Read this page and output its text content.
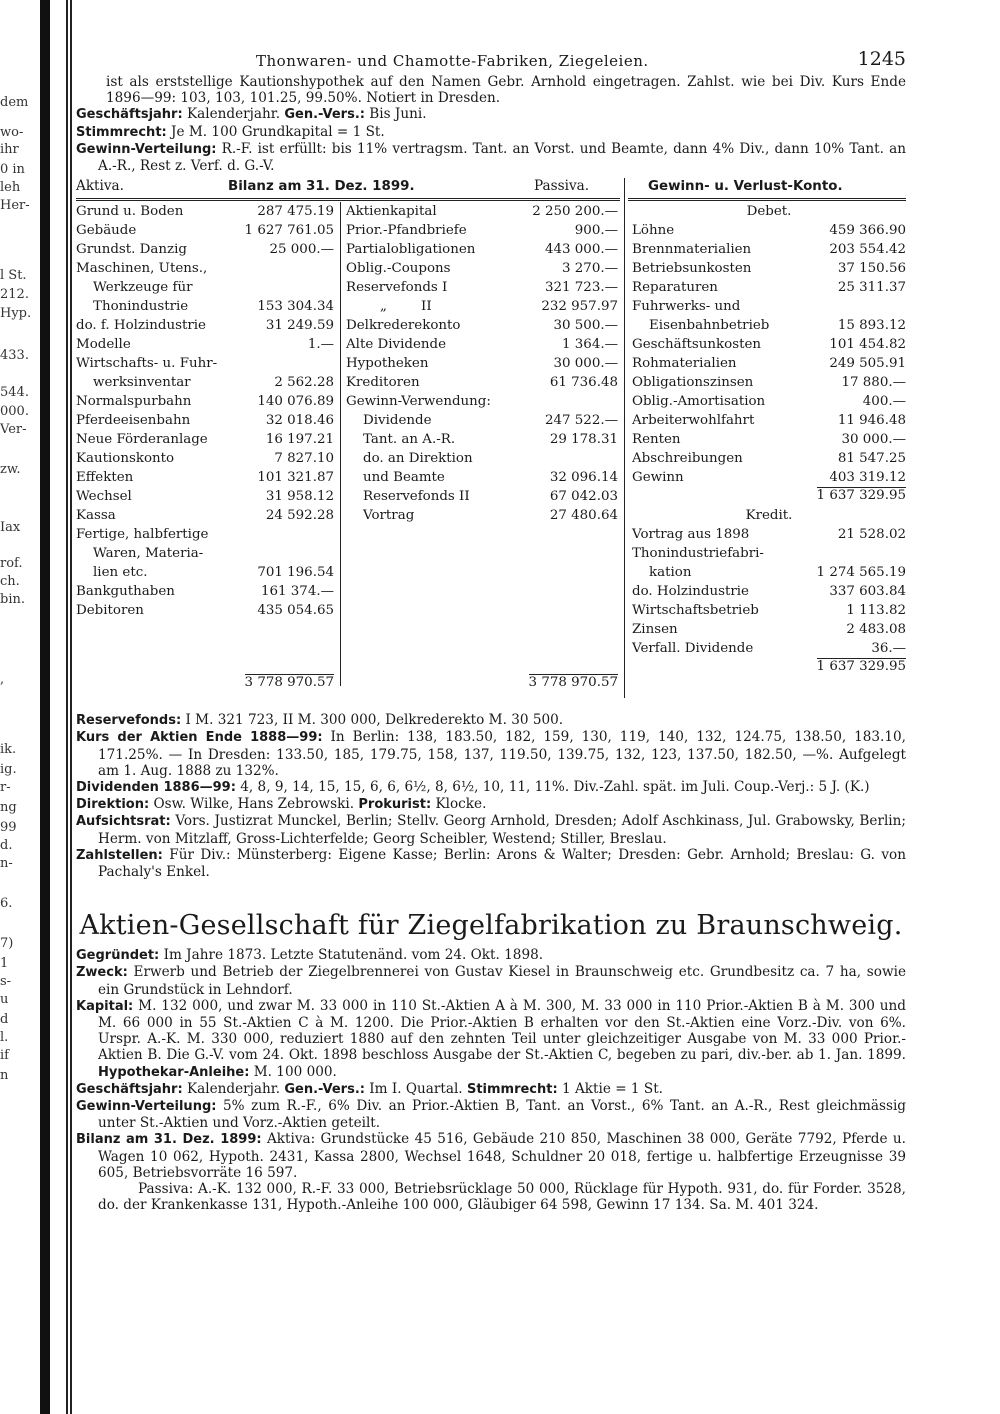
dem
wo-
ihr
0 in
leh
Her-
l St.
212.
Hyp.
433.
544.
000.
Ver-
zw.
Iax
rof.
ch.
bin.
,
ik.
ig.
r-
ng
99
d.
n-
6.
7)
1
s-
u
d
l.
if
n
Thonwaren- und Chamotte-Fabriken, Ziegeleien.	1245

ist als erststellige Kautionshypothek auf den Namen Gebr. Arnhold eingetragen. Zahlst. wie bei Div. Kurs Ende 1896—99: 103, 103, 101.25, 99.50%. Notiert in Dresden.

Geschäftsjahr: Kalenderjahr. Gen.-Vers.: Bis Juni.

Stimmrecht: Je M. 100 Grundkapital = 1 St.

Gewinn-Verteilung: R.-F. ist erfüllt: bis 11% vertragsm. Tant. an Vorst. und Beamte, dann 4% Div., dann 10% Tant. an A.-R., Rest z. Verf. d. G.-V.

Aktiva.	Bilanz am 31. Dez. 1899.	Passiva.	Gewinn- u. Verlust-Konto.
Grund u. Boden	287 475.19
Gebäude	1 627 761.05
Grundst. Danzig	25 000.—
Maschinen, Utens.,
Werkzeuge für
Thonindustrie	153 304.34
do. f. Holzindustrie	31 249.59
Modelle	1.—
Wirtschafts- u. Fuhr-
werksinventar	2 562.28
Normalspurbahn	140 076.89
Pferdeeisenbahn	32 018.46
Neue Förderanlage	16 197.21
Kautionskonto	7 827.10
Effekten	101 321.87
Wechsel	31 958.12
Kassa	24 592.28
Fertige, halbfertige
Waren, Materia-
lien etc.	701 196.54
Bankguthaben	161 374.—
Debitoren	435 054.65
Aktienkapital	2 250 200.—
Prior.-Pfandbriefe	900.—
Partialobligationen	443 000.—
Oblig.-Coupons	3 270.—
Reservefonds I	321 723.—
„        II	232 957.97
Delkrederekonto	30 500.—
Alte Dividende	1 364.—
Hypotheken	30 000.—
Kreditoren	61 736.48
Gewinn-Verwendung:
Dividende	247 522.—
Tant. an A.-R.	29 178.31
do. an Direktion
und Beamte	32 096.14
Reservefonds II	67 042.03
Vortrag	27 480.64
Debet.
Löhne	459 366.90
Brennmaterialien	203 554.42
Betriebsunkosten	37 150.56
Reparaturen	25 311.37
Fuhrwerks- und
Eisenbahnbetrieb	15 893.12
Geschäftsunkosten	101 454.82
Rohmaterialien	249 505.91
Obligationszinsen	17 880.—
Oblig.-Amortisation	400.—
Arbeiterwohlfahrt	11 946.48
Renten	30 000.—
Abschreibungen	81 547.25
Gewinn	403 319.12
1 637 329.95
Kredit.
Vortrag aus 1898	21 528.02
Thonindustriefabri-
kation	1 274 565.19
do. Holzindustrie	337 603.84
Wirtschaftsbetrieb	1 113.82
Zinsen	2 483.08
Verfall. Dividende	36.—
1 637 329.95
3 778 970.57	3 778 970.57

Reservefonds: I M. 321 723, II M. 300 000, Delkrederekto M. 30 500.

Kurs der Aktien Ende 1888—99: In Berlin: 138, 183.50, 182, 159, 130, 119, 140, 132, 124.75, 138.50, 183.10, 171.25%. — In Dresden: 133.50, 185, 179.75, 158, 137, 119.50, 139.75, 132, 123, 137.50, 182.50, —%. Aufgelegt am 1. Aug. 1888 zu 132%.

Dividenden 1886—99: 4, 8, 9, 14, 15, 15, 6, 6, 6½, 8, 6½, 10, 11, 11%. Div.-Zahl. spät. im Juli. Coup.-Verj.: 5 J. (K.)

Direktion: Osw. Wilke, Hans Zebrowski. Prokurist: Klocke.

Aufsichtsrat: Vors. Justizrat Munckel, Berlin; Stellv. Georg Arnhold, Dresden; Adolf Aschkinass, Jul. Grabowsky, Berlin; Herm. von Mitzlaff, Gross-Lichterfelde; Georg Scheibler, Westend; Stiller, Breslau.

Zahlstellen: Für Div.: Münsterberg: Eigene Kasse; Berlin: Arons & Walter; Dresden: Gebr. Arnhold; Breslau: G. von Pachaly's Enkel.

Aktien-Gesellschaft für Ziegelfabrikation zu Braunschweig.

Gegründet: Im Jahre 1873. Letzte Statutenänd. vom 24. Okt. 1898.

Zweck: Erwerb und Betrieb der Ziegelbrennerei von Gustav Kiesel in Braunschweig etc. Grundbesitz ca. 7 ha, sowie ein Grundstück in Lehndorf.

Kapital: M. 132 000, und zwar M. 33 000 in 110 St.-Aktien A à M. 300, M. 33 000 in 110 Prior.-Aktien B à M. 300 und M. 66 000 in 55 St.-Aktien C à M. 1200. Die Prior.-Aktien B erhalten vor den St.-Aktien eine Vorz.-Div. von 6%. Urspr. A.-K. M. 330 000, reduziert 1880 auf den zehnten Teil unter gleichzeitiger Ausgabe von M. 33 000 Prior.-Aktien B. Die G.-V. vom 24. Okt. 1898 beschloss Ausgabe der St.-Aktien C, begeben zu pari, div.-ber. ab 1. Jan. 1899. Hypothekar-Anleihe: M. 100 000.

Geschäftsjahr: Kalenderjahr. Gen.-Vers.: Im I. Quartal. Stimmrecht: 1 Aktie = 1 St.

Gewinn-Verteilung: 5% zum R.-F., 6% Div. an Prior.-Aktien B, Tant. an Vorst., 6% Tant. an A.-R., Rest gleichmässig unter St.-Aktien und Vorz.-Aktien geteilt.

Bilanz am 31. Dez. 1899: Aktiva: Grundstücke 45 516, Gebäude 210 850, Maschinen 38 000, Geräte 7792, Pferde u. Wagen 10 062, Hypoth. 2431, Kassa 2800, Wechsel 1648, Schuldner 20 018, fertige u. halbfertige Erzeugnisse 39 605, Betriebsvorräte 16 597.

Passiva: A.-K. 132 000, R.-F. 33 000, Betriebsrücklage 50 000, Rücklage für Hypoth. 931, do. für Forder. 3528, do. der Krankenkasse 131, Hypoth.-Anleihe 100 000, Gläubiger 64 598, Gewinn 17 134. Sa. M. 401 324.
